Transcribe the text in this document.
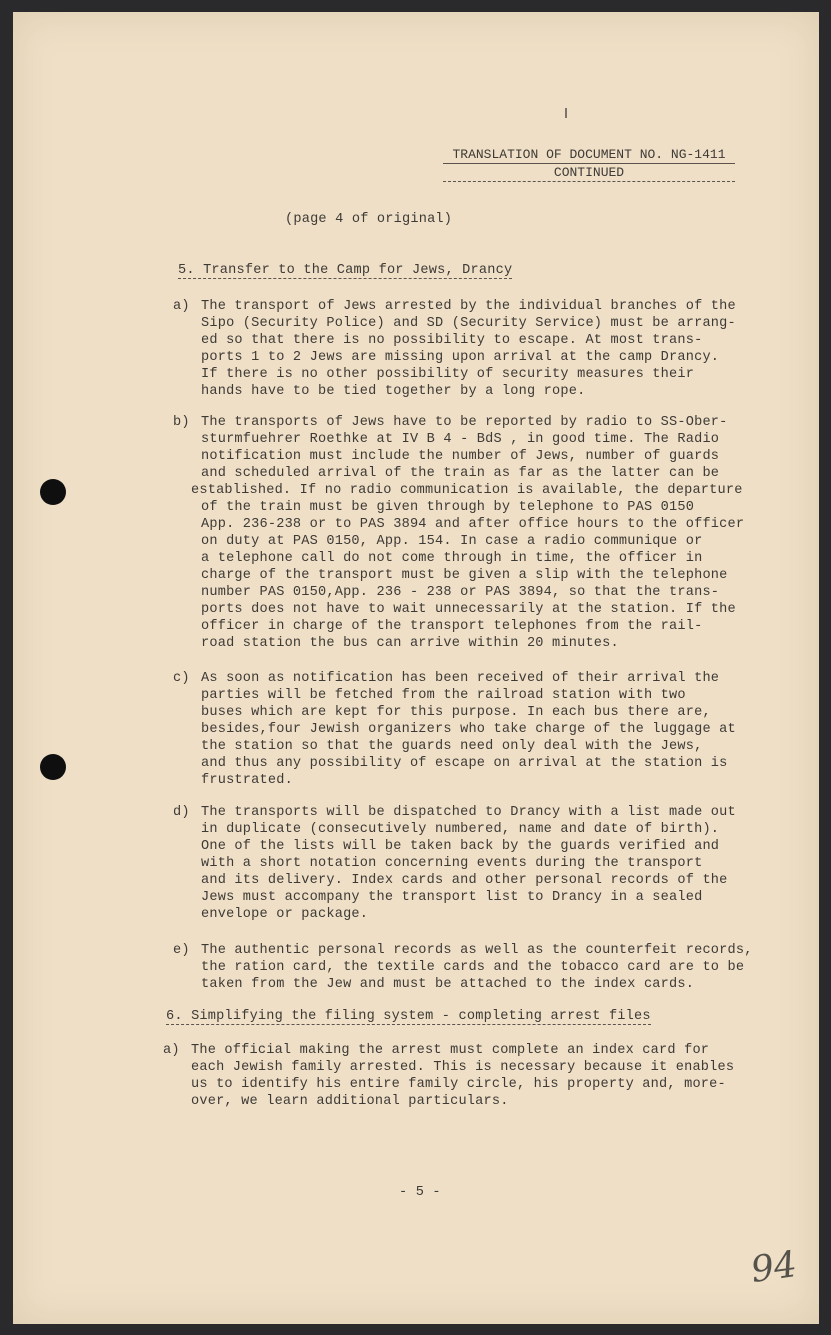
TRANSLATION OF DOCUMENT NO. NG-1411
CONTINUED
(page 4 of original)
5. Transfer to the Camp for Jews, Drancy
a) The transport of Jews arrested by the individual branches of the
Sipo (Security Police) and SD (Security Service) must be arrang-
ed so that there is no possibility to escape. At most trans-
ports 1 to 2 Jews are missing upon arrival at the camp Drancy.
If there is no other possibility of security measures their
hands have to be tied together by a long rope.
b) The transports of Jews have to be reported by radio to SS-Ober-
sturmfuehrer Roethke at IV B 4 - BdS , in good time. The Radio
notification must include the number of Jews, number of guards
and scheduled arrival of the train as far as the latter can be
established. If no radio communication is available, the departure
of the train must be given through by telephone to PAS 0150
App. 236-238 or to PAS 3894 and after office hours to the officer
on duty at PAS 0150, App. 154. In case a radio communique or
a telephone call do not come through in time, the officer in
charge of the transport must be given a slip with the telephone
number PAS 0150,App. 236 - 238 or PAS 3894, so that the trans-
ports does not have to wait unnecessarily at the station. If the
officer in charge of the transport telephones from the rail-
road station the bus can arrive within 20 minutes.
c) As soon as notification has been received of their arrival the
parties will be fetched from the railroad station with two
buses which are kept for this purpose. In each bus there are,
besides,four Jewish organizers who take charge of the luggage at
the station so that the guards need only deal with the Jews,
and thus any possibility of escape on arrival at the station is
frustrated.
d) The transports will be dispatched to Drancy with a list made out
in duplicate (consecutively numbered, name and date of birth).
One of the lists will be taken back by the guards verified and
with a short notation concerning events during the transport
and its delivery. Index cards and other personal records of the
Jews must accompany the transport list to Drancy in a sealed
envelope or package.
e) The authentic personal records as well as the counterfeit records,
the ration card, the textile cards and the tobacco card are to be
taken from the Jew and must be attached to the index cards.
6. Simplifying the filing system - completing arrest files
a) The official making the arrest must complete an index card for
each Jewish family arrested. This is necessary because it enables
us to identify his entire family circle, his property and, more-
over, we learn additional particulars.
- 5 -
94
